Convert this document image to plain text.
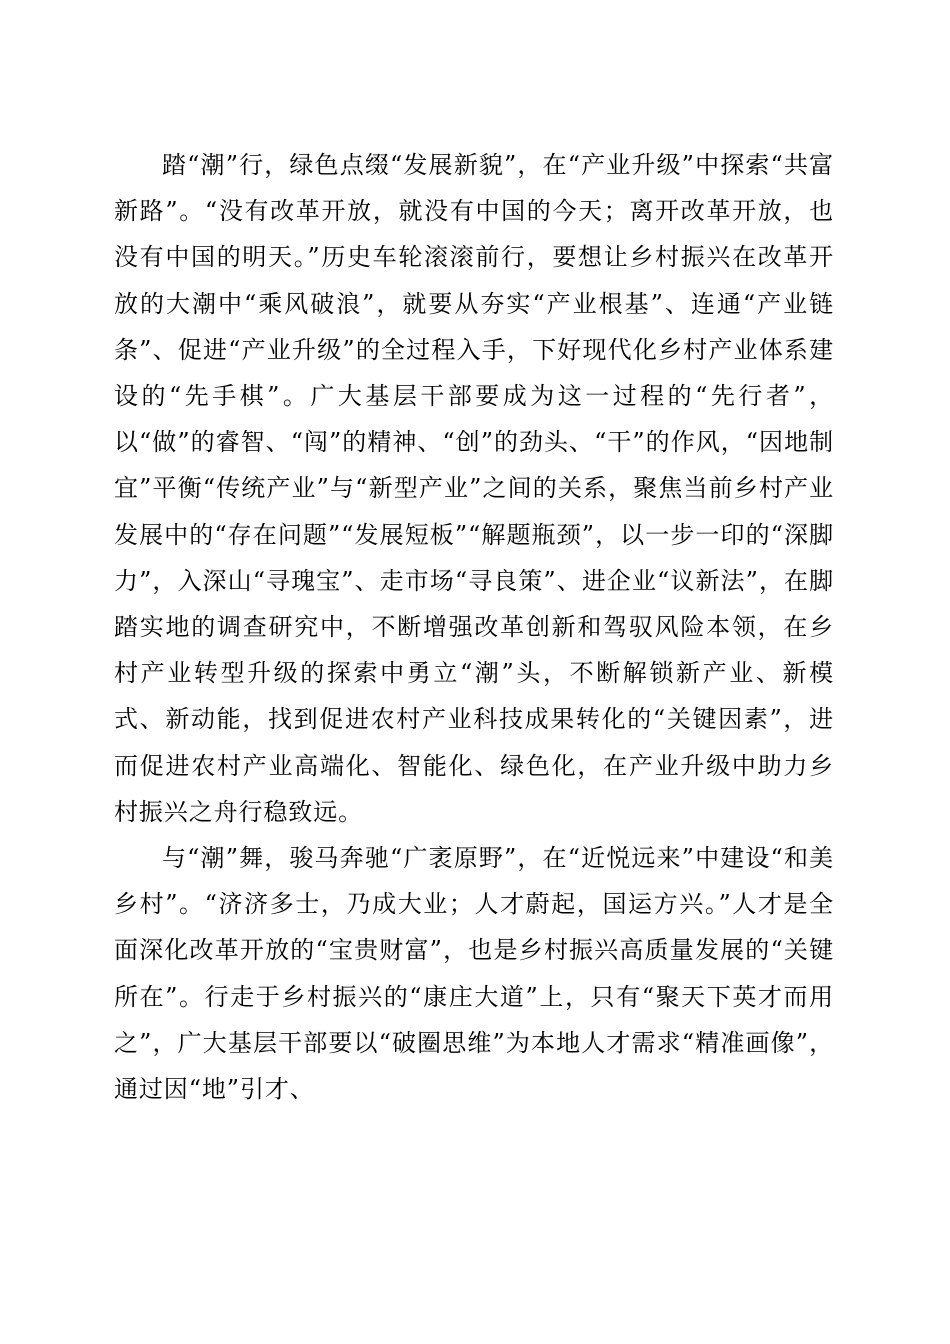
踏“潮”行，绿色点缀“发展新貌”，在“产业升级”中探索“共富新路”。“没有改革开放，就没有中国的今天；离开改革开放，也没有中国的明天。”历史车轮滚滚前行，要想让乡村振兴在改革开放的大潮中“乘风破浪”，就要从夯实“产业根基”、连通“产业链条”、促进“产业升级”的全过程入手，下好现代化乡村产业体系建设的“先手棋”。广大基层干部要成为这一过程的“先行者”，以“做”的睿智、“闯”的精神、“创”的劲头、“干”的作风，“因地制宜”平衡“传统产业”与“新型产业”之间的关系，聚焦当前乡村产业发展中的“存在问题”“发展短板”“解题瓶颈”，以一步一印的“深脚力”，入深山“寻瑰宝”、走市场“寻良策”、进企业“议新法”，在脚踏实地的调查研究中，不断增强改革创新和驾驭风险本领，在乡村产业转型升级的探索中勇立“潮”头，不断解锁新产业、新模式、新动能，找到促进农村产业科技成果转化的“关键因素”，进而促进农村产业高端化、智能化、绿色化，在产业升级中助力乡村振兴之舟行稳致远。

与“潮”舞，骏马奔驰“广袤原野”，在“近悦远来”中建设“和美乡村”。“济济多士，乃成大业；人才蔚起，国运方兴。”人才是全面深化改革开放的“宝贵财富”，也是乡村振兴高质量发展的“关键所在”。行走于乡村振兴的“康庄大道”上，只有“聚天下英才而用之”，广大基层干部要以“破圈思维”为本地人才需求“精准画像”，通过因“地”引才、
